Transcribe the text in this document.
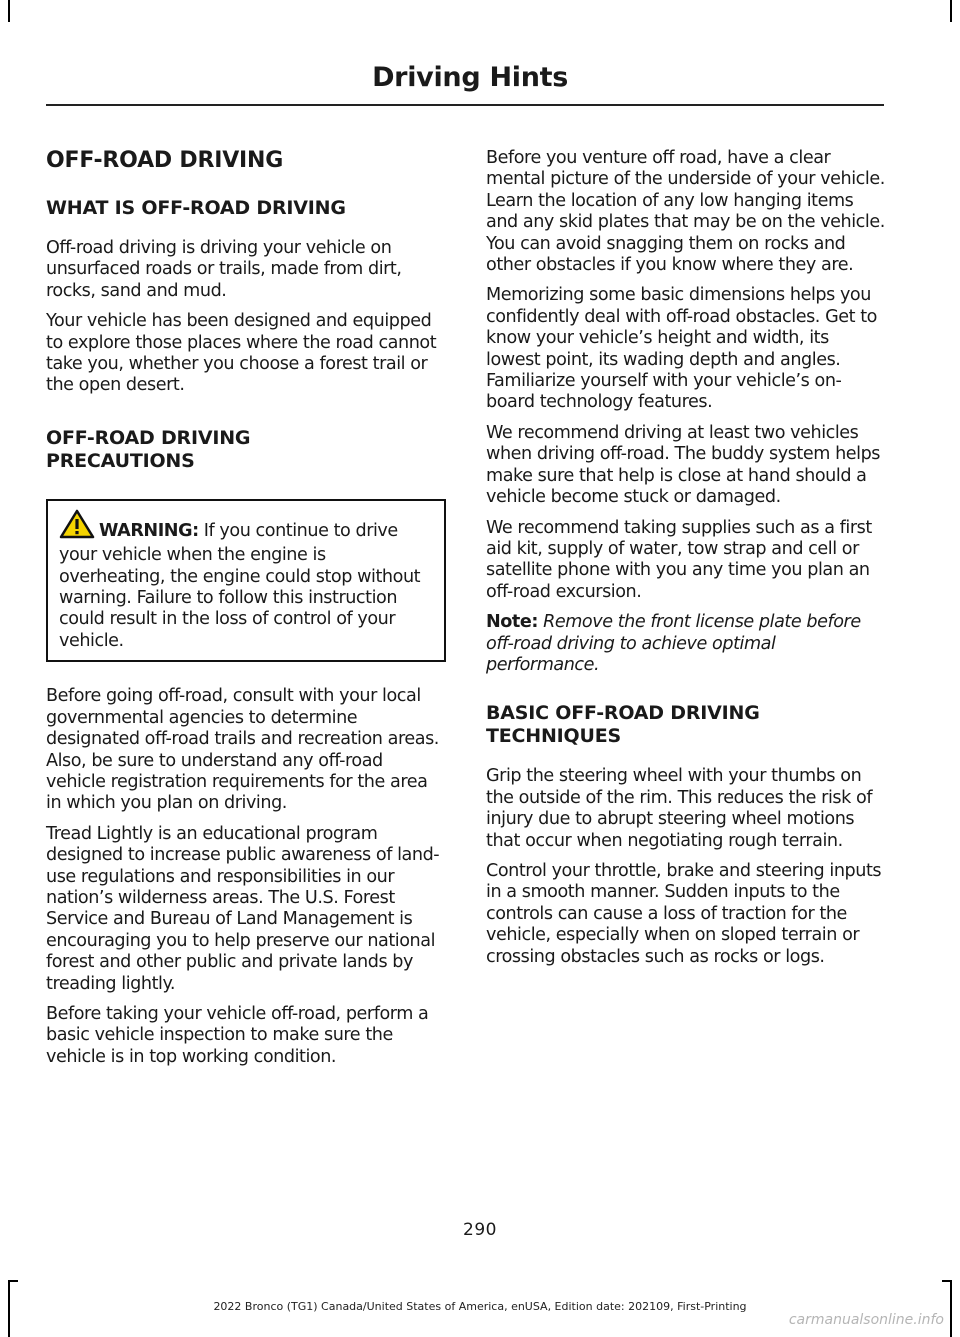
Driving Hints
OFF-ROAD DRIVING
WHAT IS OFF-ROAD DRIVING

Off-road driving is driving your vehicle on unsurfaced roads or trails, made from dirt, rocks, sand and mud.

Your vehicle has been designed and equipped to explore those places where the road cannot take you, whether you choose a forest trail or the open desert.

OFF-ROAD DRIVING PRECAUTIONS

WARNING: If you continue to drive your vehicle when the engine is overheating, the engine could stop without warning. Failure to follow this instruction could result in the loss of control of your vehicle.

Before going off-road, consult with your local governmental agencies to determine designated off-road trails and recreation areas. Also, be sure to understand any off-road vehicle registration requirements for the area in which you plan on driving.

Tread Lightly is an educational program designed to increase public awareness of land-use regulations and responsibilities in our nation’s wilderness areas. The U.S. Forest Service and Bureau of Land Management is encouraging you to help preserve our national forest and other public and private lands by treading lightly.

Before taking your vehicle off-road, perform a basic vehicle inspection to make sure the vehicle is in top working condition.

Before you venture off road, have a clear mental picture of the underside of your vehicle. Learn the location of any low hanging items and any skid plates that may be on the vehicle. You can avoid snagging them on rocks and other obstacles if you know where they are.

Memorizing some basic dimensions helps you confidently deal with off-road obstacles. Get to know your vehicle’s height and width, its lowest point, its wading depth and angles. Familiarize yourself with your vehicle’s on-board technology features.

We recommend driving at least two vehicles when driving off-road. The buddy system helps make sure that help is close at hand should a vehicle become stuck or damaged.

We recommend taking supplies such as a first aid kit, supply of water, tow strap and cell or satellite phone with you any time you plan an off-road excursion.

Note: Remove the front license plate before off-road driving to achieve optimal performance.

BASIC OFF-ROAD DRIVING TECHNIQUES

Grip the steering wheel with your thumbs on the outside of the rim. This reduces the risk of injury due to abrupt steering wheel motions that occur when negotiating rough terrain.

Control your throttle, brake and steering inputs in a smooth manner. Sudden inputs to the controls can cause a loss of traction for the vehicle, especially when on sloped terrain or crossing obstacles such as rocks or logs.

290
2022 Bronco (TG1) Canada/United States of America, enUSA, Edition date: 202109, First-Printing
carmanualsonline.info
